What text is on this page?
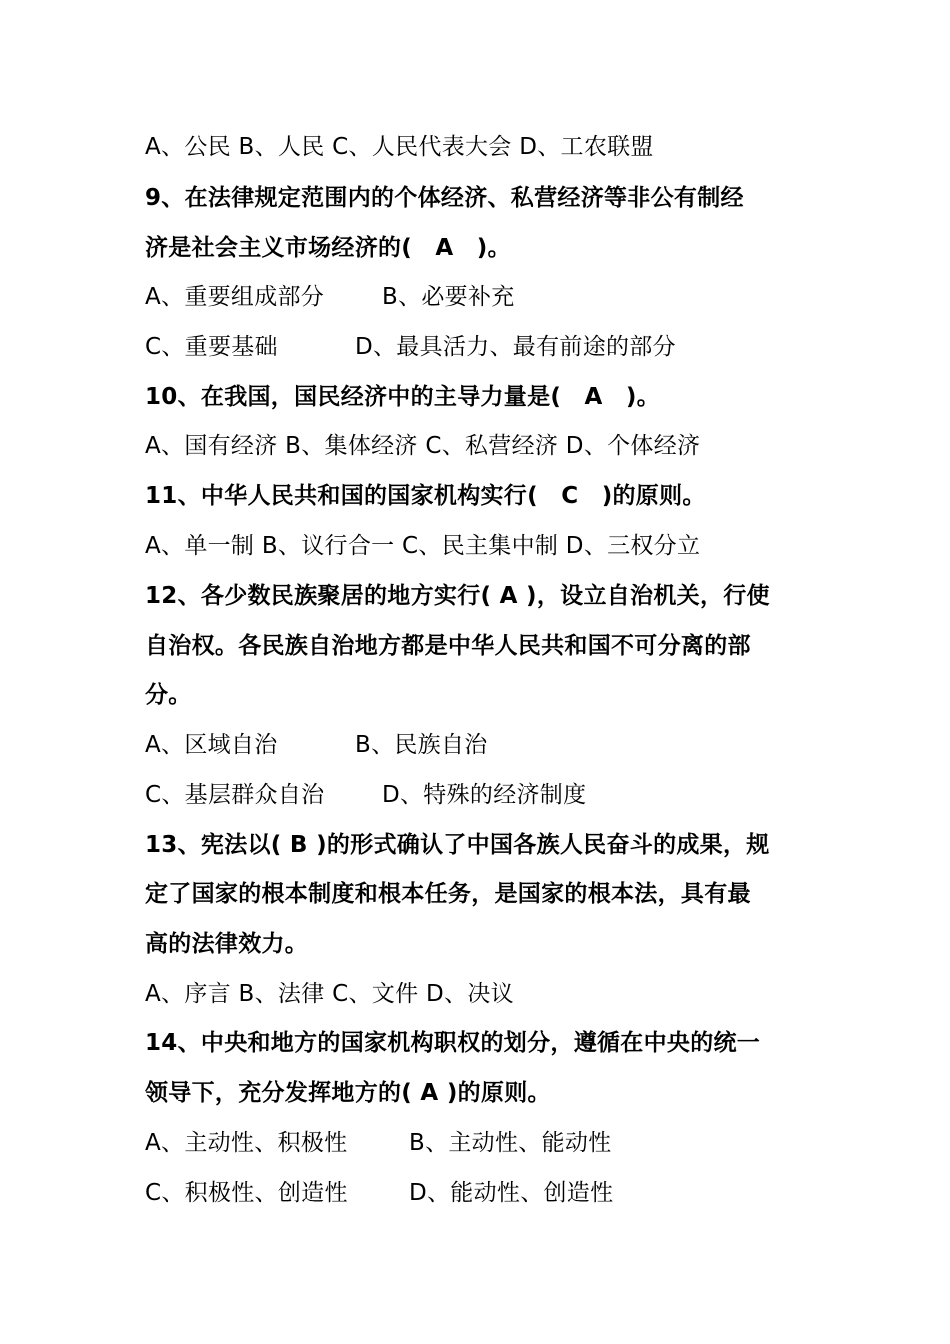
A、公民 B、人民 C、人民代表大会 D、工农联盟
9、在法律规定范围内的个体经济、私营经济等非公有制经
济是社会主义市场经济的(　A　)。
A、重要组成部分	B、必要补充
C、重要基础	D、最具活力、最有前途的部分
10、在我国，国民经济中的主导力量是(　A　)。
A、国有经济 B、集体经济 C、私营经济 D、个体经济
11、中华人民共和国的国家机构实行(　C　)的原则。
A、单一制 B、议行合一 C、民主集中制 D、三权分立
12、各少数民族聚居的地方实行( A )，设立自治机关，行使
自治权。各民族自治地方都是中华人民共和国不可分离的部
分。
A、区域自治	B、民族自治
C、基层群众自治	D、特殊的经济制度
13、宪法以( B )的形式确认了中国各族人民奋斗的成果，规
定了国家的根本制度和根本任务，是国家的根本法，具有最
高的法律效力。
A、序言 B、法律 C、文件 D、决议
14、中央和地方的国家机构职权的划分，遵循在中央的统一
领导下，充分发挥地方的( A )的原则。
A、主动性、积极性	B、主动性、能动性
C、积极性、创造性	D、能动性、创造性
